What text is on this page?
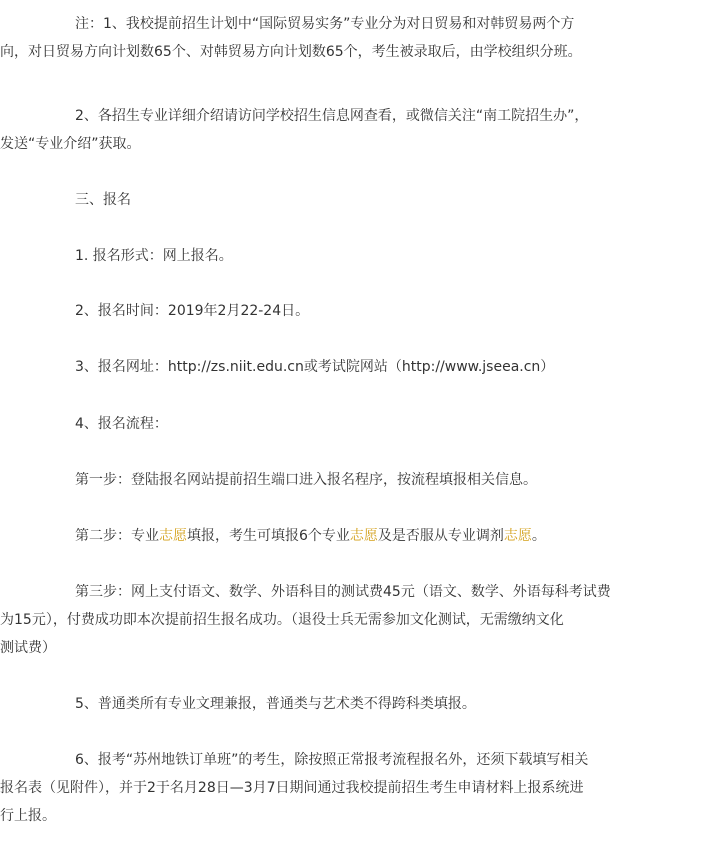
注：1、我校提前招生计划中“国际贸易实务”专业分为对日贸易和对韩贸易两个方
向，对日贸易方向计划数65个、对韩贸易方向计划数65个，考生被录取后，由学校组织分班。
2、各招生专业详细介绍请访问学校招生信息网查看，或微信关注“南工院招生办”，
发送“专业介绍”获取。
三、报名
1. 报名形式：网上报名。
2、报名时间：2019年2月22-24日。
3、报名网址：http://zs.niit.edu.cn或考试院网站（http://www.jseea.cn）
4、报名流程：
第一步：登陆报名网站提前招生端口进入报名程序，按流程填报相关信息。
第二步：专业志愿填报，考生可填报6个专业志愿及是否服从专业调剂志愿。
第三步：网上支付语文、数学、外语科目的测试费45元（语文、数学、外语每科考试费
为15元），付费成功即本次提前招生报名成功。（退役士兵无需参加文化测试，无需缴纳文化
测试费）
5、普通类所有专业文理兼报，普通类与艺术类不得跨科类填报。
6、报考“苏州地铁订单班”的考生，除按照正常报考流程报名外，还须下载填写相关
报名表（见附件），并于2于名月28日—3月7日期间通过我校提前招生考生申请材料上报系统进
行上报。
